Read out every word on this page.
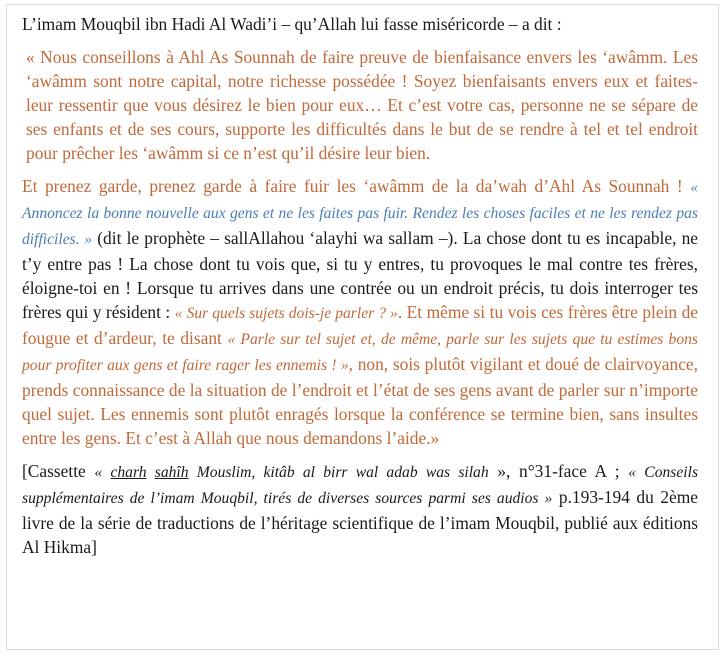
L’imam Mouqbil ibn Hadi Al Wadi’i – qu’Allah lui fasse miséricorde – a dit :

« Nous conseillons à Ahl As Sounnah de faire preuve de bienfaisance envers les ‘awâmm. Les ‘awâmm sont notre capital, notre richesse possédée ! Soyez bienfaisants envers eux et faites-leur ressentir que vous désirez le bien pour eux… Et c’est votre cas, personne ne se sépare de ses enfants et de ses cours, supporte les difficultés dans le but de se rendre à tel et tel endroit pour prêcher les ‘awâmm si ce n’est qu’il désire leur bien.

Et prenez garde, prenez garde à faire fuir les ‘awâmm de la da’wah d’Ahl As Sounnah ! « Annoncez la bonne nouvelle aux gens et ne les faites pas fuir. Rendez les choses faciles et ne les rendez pas difficiles. » (dit le prophète – sallAllahou ‘alayhi wa sallam –). La chose dont tu es incapable, ne t’y entre pas ! La chose dont tu vois que, si tu y entres, tu provoques le mal contre tes frères, éloigne-toi en ! Lorsque tu arrives dans une contrée ou un endroit précis, tu dois interroger tes frères qui y résident : « Sur quels sujets dois-je parler ? ». Et même si tu vois ces frères être plein de fougue et d’ardeur, te disant « Parle sur tel sujet et, de même, parle sur les sujets que tu estimes bons pour profiter aux gens et faire rager les ennemis ! », non, sois plutôt vigilant et doué de clairvoyance, prends connaissance de la situation de l’endroit et l’état de ses gens avant de parler sur n’importe quel sujet. Les ennemis sont plutôt enragés lorsque la conférence se termine bien, sans insultes entre les gens. Et c’est à Allah que nous demandons l’aide.»

[Cassette « charh sahîh Mouslim, kitâb al birr wal adab was silah », n°31-face A ; « Conseils supplémentaires de l’imam Mouqbil, tirés de diverses sources parmi ses audios » p.193-194 du 2ème livre de la série de traductions de l’héritage scientifique de l’imam Mouqbil, publié aux éditions Al Hikma]
